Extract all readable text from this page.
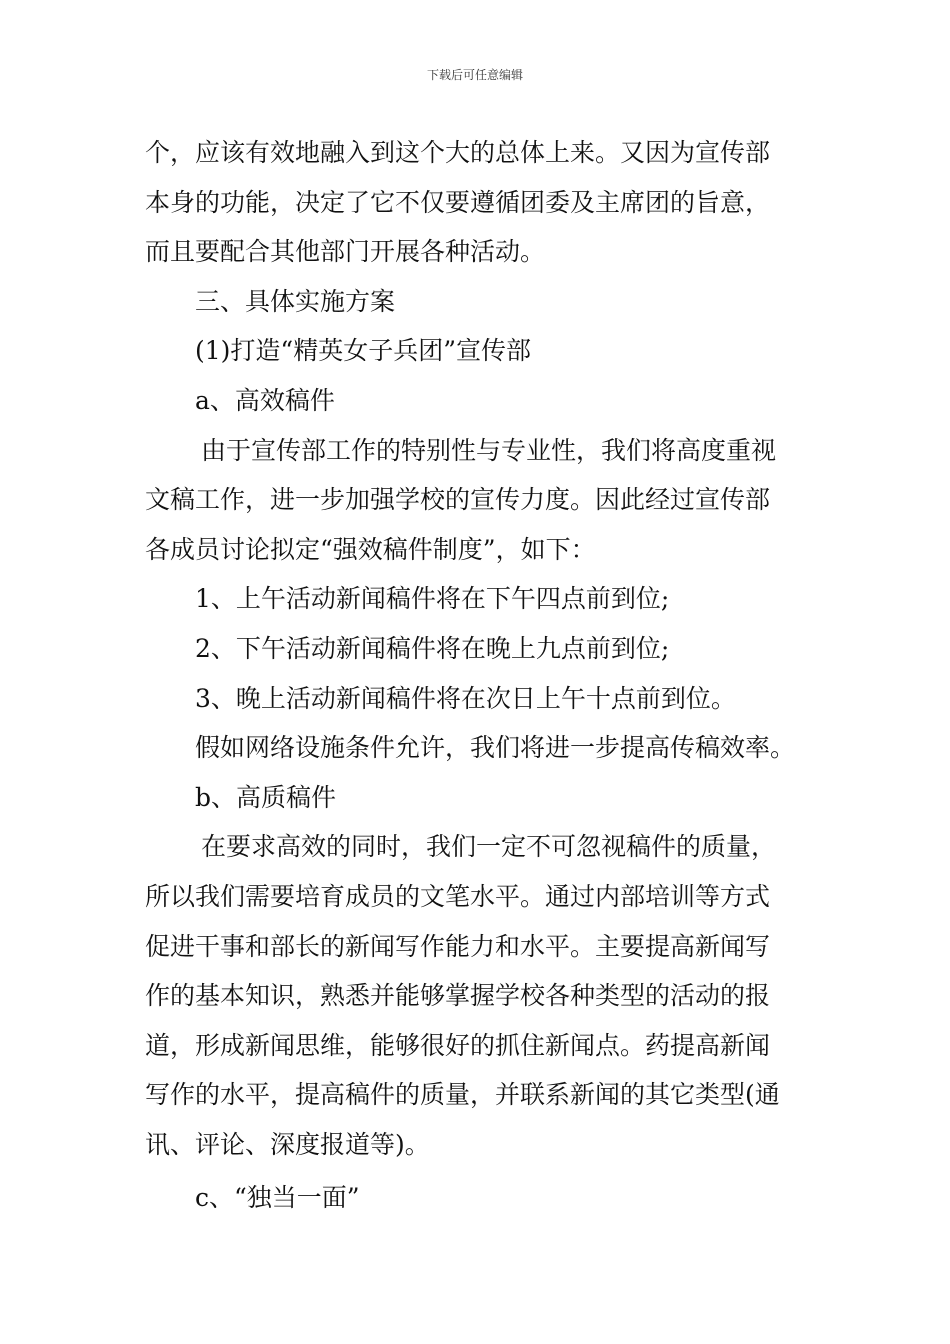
下载后可任意编辑

个，应该有效地融入到这个大的总体上来。又因为宣传部

本身的功能，决定了它不仅要遵循团委及主席团的旨意，

而且要配合其他部门开展各种活动。

三、具体实施方案

(1)打造“精英女子兵团”宣传部

a、高效稿件

由于宣传部工作的特别性与专业性，我们将高度重视

文稿工作，进一步加强学校的宣传力度。因此经过宣传部

各成员讨论拟定“强效稿件制度”，如下：

1、上午活动新闻稿件将在下午四点前到位;

2、下午活动新闻稿件将在晚上九点前到位;

3、晚上活动新闻稿件将在次日上午十点前到位。

假如网络设施条件允许，我们将进一步提高传稿效率。

b、高质稿件

在要求高效的同时，我们一定不可忽视稿件的质量，

所以我们需要培育成员的文笔水平。通过内部培训等方式

促进干事和部长的新闻写作能力和水平。主要提高新闻写

作的基本知识，熟悉并能够掌握学校各种类型的活动的报

道，形成新闻思维，能够很好的抓住新闻点。药提高新闻

写作的水平，提高稿件的质量，并联系新闻的其它类型(通

讯、评论、深度报道等)。

c、“独当一面”
